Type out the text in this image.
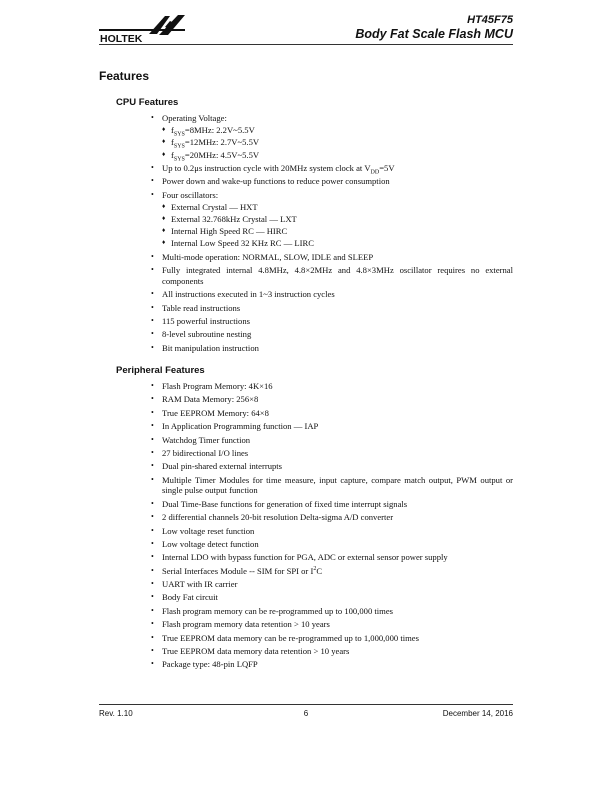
HOLTEK
HT45F75
Body Fat Scale Flash MCU
Features
CPU Features
• Operating Voltage:
♦ $f_{SYS}=8MHz$: 2.2V~5.5V
♦ $f_{SYS}=12MHz$: 2.7V~5.5V
♦ $f_{SYS}=20MHz$: 4.5V~5.5V
• Up to 0.2μs instruction cycle with 20MHz system clock at $V_{DD}=5V$
• Power down and wake-up functions to reduce power consumption
• Four oscillators:
♦ External Crystal — HXT
♦ External 32.768kHz Crystal — LXT
♦ Internal High Speed RC — HIRC
♦ Internal Low Speed 32 KHz RC — LIRC
• Multi-mode operation: NORMAL, SLOW, IDLE and SLEEP
• Fully integrated internal 4.8MHz, 4.8×2MHz and 4.8×3MHz oscillator requires no external components
• All instructions executed in 1~3 instruction cycles
• Table read instructions
• 115 powerful instructions
• 8-level subroutine nesting
• Bit manipulation instruction
Peripheral Features
• Flash Program Memory: 4K×16
• RAM Data Memory: 256×8
• True EEPROM Memory: 64×8
• In Application Programming function — IAP
• Watchdog Timer function
• 27 bidirectional I/O lines
• Dual pin-shared external interrupts
• Multiple Timer Modules for time measure, input capture, compare match output, PWM output or single pulse output function
• Dual Time-Base functions for generation of fixed time interrupt signals
• 2 differential channels 20-bit resolution Delta-sigma A/D converter
• Low voltage reset function
• Low voltage detect function
• Internal LDO with bypass function for PGA, ADC or external sensor power supply
• Serial Interfaces Module -- SIM for SPI or $I^2C$
• UART with IR carrier
• Body Fat circuit
• Flash program memory can be re-programmed up to 100,000 times
• Flash program memory data retention > 10 years
• True EEPROM data memory can be re-programmed up to 1,000,000 times
• True EEPROM data memory data retention > 10 years
• Package type: 48-pin LQFP
Rev. 1.10	6	December 14, 2016
